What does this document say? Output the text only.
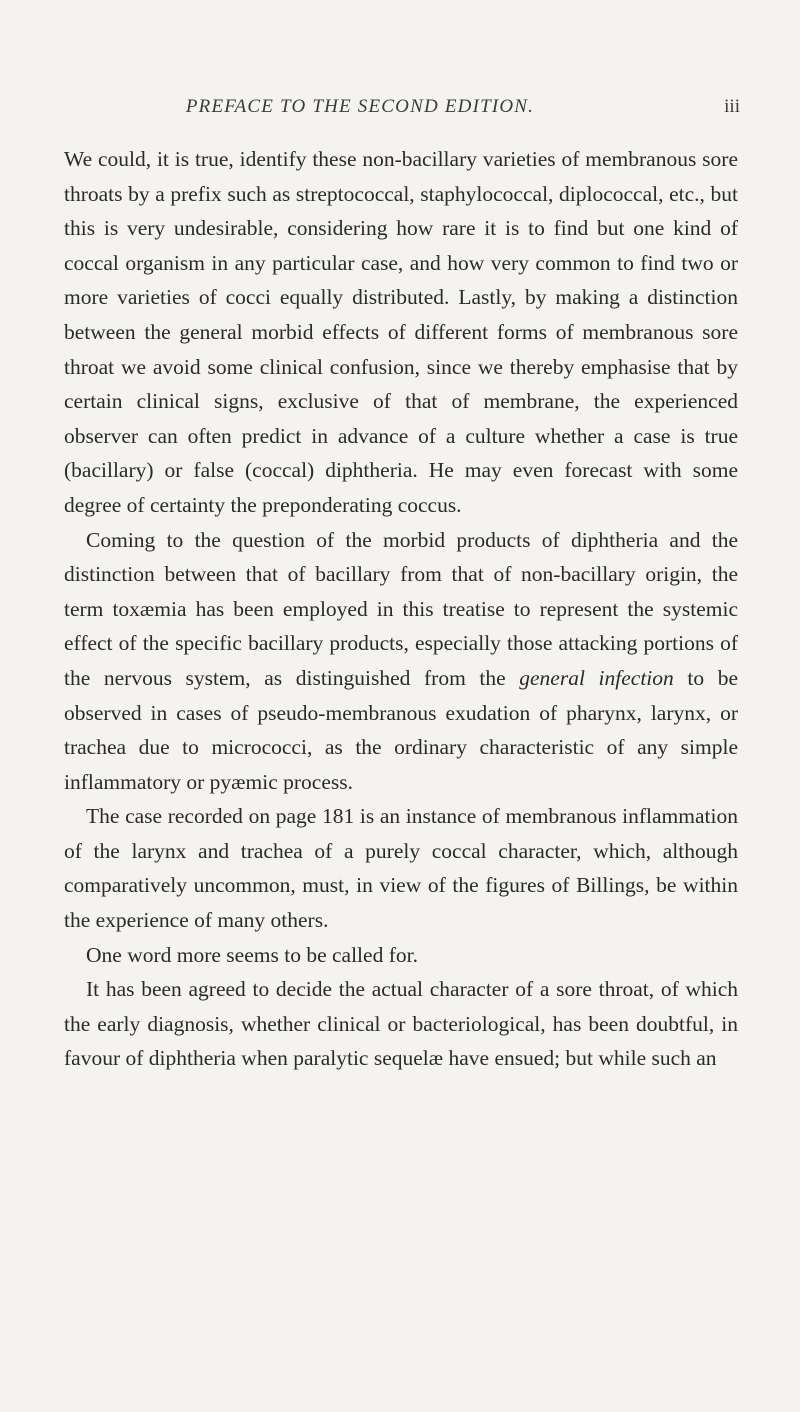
PREFACE TO THE SECOND EDITION.	iii

We could, it is true, identify these non-bacillary varieties of membranous sore throats by a prefix such as streptococcal, staphylococcal, diplococcal, etc., but this is very undesirable, considering how rare it is to find but one kind of coccal organism in any particular case, and how very common to find two or more varieties of cocci equally distributed. Lastly, by making a distinction between the general morbid effects of different forms of membranous sore throat we avoid some clinical confusion, since we thereby emphasise that by certain clinical signs, exclusive of that of membrane, the experienced observer can often predict in advance of a culture whether a case is true (bacillary) or false (coccal) diphtheria. He may even forecast with some degree of certainty the preponderating coccus.

Coming to the question of the morbid products of diphtheria and the distinction between that of bacillary from that of non-bacillary origin, the term toxæmia has been employed in this treatise to represent the systemic effect of the specific bacillary products, especially those attacking portions of the nervous system, as distinguished from the general infection to be observed in cases of pseudo-membranous exudation of pharynx, larynx, or trachea due to micrococci, as the ordinary characteristic of any simple inflammatory or pyæmic process.

The case recorded on page 181 is an instance of membranous inflammation of the larynx and trachea of a purely coccal character, which, although comparatively uncommon, must, in view of the figures of Billings, be within the experience of many others.

One word more seems to be called for.

It has been agreed to decide the actual character of a sore throat, of which the early diagnosis, whether clinical or bacteriological, has been doubtful, in favour of diphtheria when paralytic sequelæ have ensued; but while such an
